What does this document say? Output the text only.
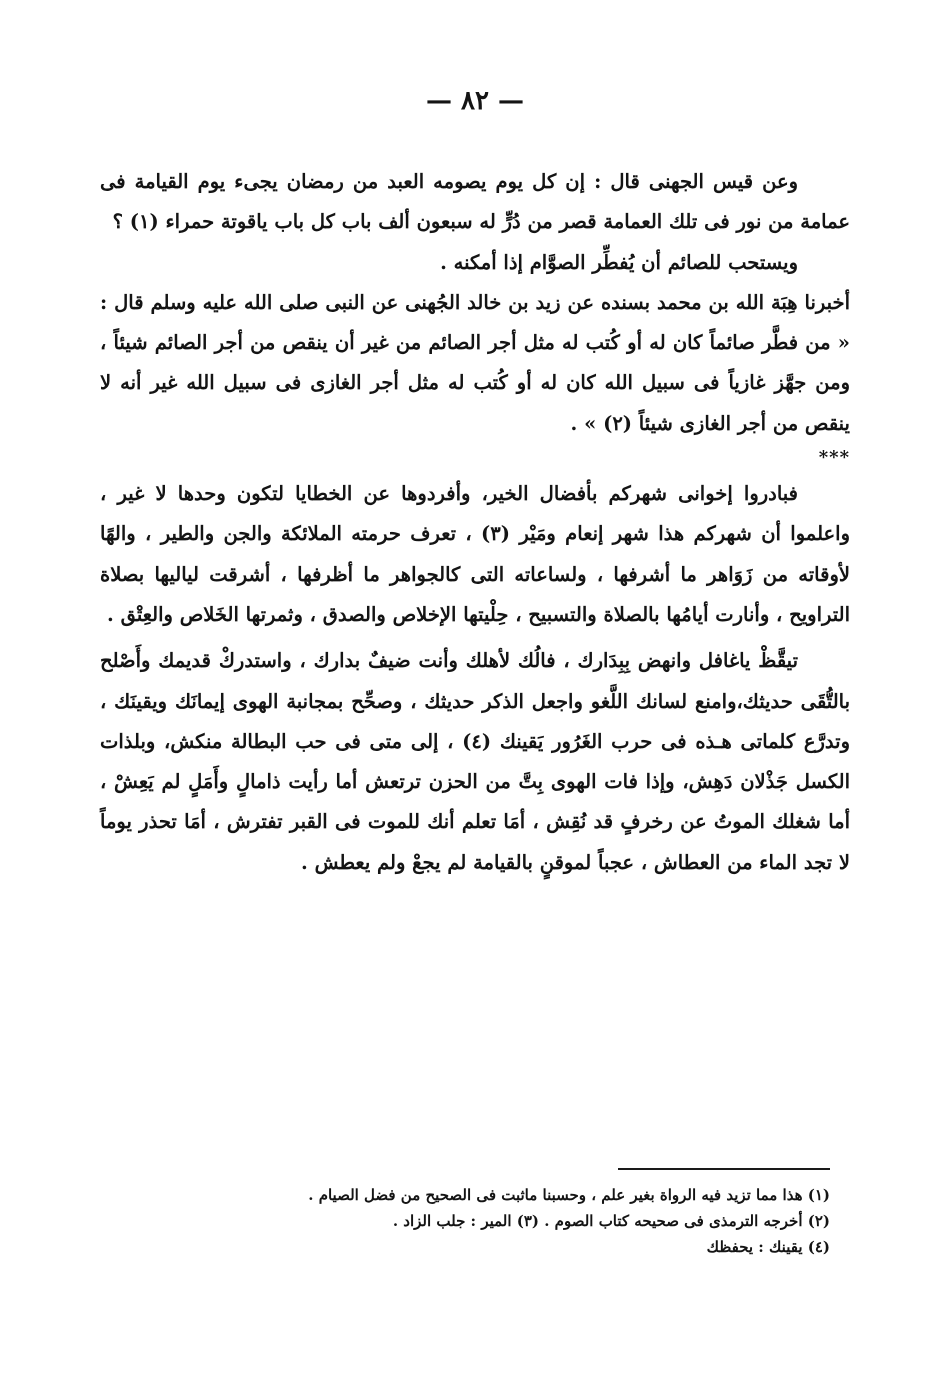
— ٨٢ —

وعن قيس الجهنى قال : إن كل يوم يصومه العبد من رمضان يجىء يوم القيامة فى عمامة من نور فى تلك العمامة قصر من دُرٍّ له سبعون ألف باب كل باب ياقوتة حمراء (١) ؟

ويستحب للصائم أن يُفطِّر الصوَّام إذا أمكنه .

أخبرنا هِبَة الله بن محمد بسنده عن زيد بن خالد الجُهنى عن النبى صلى الله عليه وسلم قال : « من فطَّر صائماً كان له أو كُتب له مثل أجر الصائم من غير أن ينقص من أجر الصائم شيئاً ، ومن جهَّز غازياً فى سبيل الله كان له أو كُتب له مثل أجر الغازى فى سبيل الله غير أنه لا ينقص من أجر الغازى شيئاً (٢) » .

***

فبادروا إخوانى شهركم بأفضال الخير، وأفردوها عن الخطايا لتكون وحدها لا غير ، واعلموا أن شهركم هذا شهر إنعام ومَيْر (٣) ، تعرف حرمته الملائكة والجن والطير ، والهًا لأوقاته من زَوَاهر ما أشرفها ، ولساعاته التى كالجواهر ما أظرفها ، أشرقت لياليها بصلاة التراويح ، وأنارت أيامُها بالصلاة والتسبيح ، حِلْيتها الإخلاص والصدق ، وثمرتها الخَلاص والعِتْق .

تيقَّظْ ياغافل وانهض بِبِدَارك ، فالُك لأهلك وأنت ضيفٌ بدارك ، واستدركْ قديمك وأَصْلح بالتُّقَى حديثك،وامنع لسانك اللَّغو واجعل الذكر حديثك ، وصحِّح بمجانبة الهوى إيمانَك ويقينَك ، وتدرَّع كلماتى هـذه فى حرب الغَرُور يَقينك (٤) ، إلى متى فى حب البطالة منكش، وبلذات الكسل جَذْلان دَهِش، وإذا فات الهوى بِتَّ من الحزن ترتعش أما رأيت ذامالٍ وأَمَلٍ لم يَعِشْ ، أما شغلك الموتُ عن رخرفٍ قد نُقِش ، أمَا تعلم أنك للموت فى القبر تفترش ، أمَا تحذر يوماً لا تجد الماء من العطاش ، عجباً لموقنٍ بالقيامة لم يجعْ ولم يعطش .

(١) هذا مما تزيد فيه الرواة بغير علم ، وحسبنا ماثبت فى الصحيح من فضل الصيام .

(٢) أخرجه الترمذى فى صحيحه كتاب الصوم . (٣) المير : جلب الزاد .

(٤) يقينك : يحفظك
